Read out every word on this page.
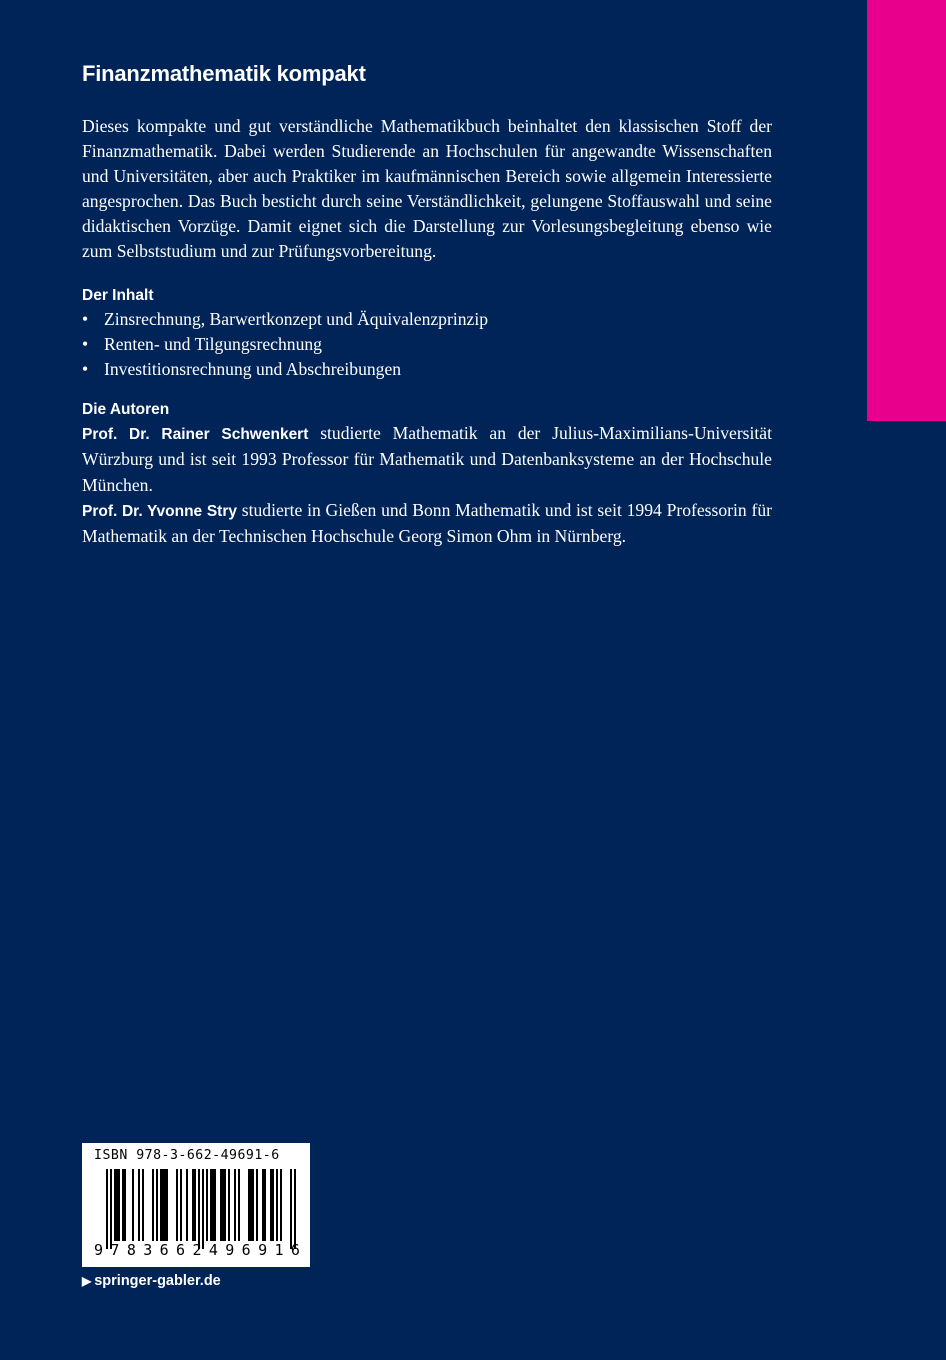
Finanzmathematik kompakt

Dieses kompakte und gut verständliche Mathematikbuch beinhaltet den klassischen Stoff der Finanzmathematik. Dabei werden Studierende an Hochschulen für angewandte Wissenschaften und Universitäten, aber auch Praktiker im kaufmännischen Bereich sowie allgemein Interessierte angesprochen. Das Buch besticht durch seine Verständlichkeit, gelungene Stoffauswahl und seine didaktischen Vorzüge. Damit eignet sich die Darstellung zur Vorlesungsbegleitung ebenso wie zum Selbststudium und zur Prüfungsvorbereitung.

Der Inhalt
• Zinsrechnung, Barwertkonzept und Äquivalenzprinzip
• Renten- und Tilgungsrechnung
• Investitionsrechnung und Abschreibungen
Die Autoren

Prof. Dr. Rainer Schwenkert studierte Mathematik an der Julius-Maximilians-Universität Würzburg und ist seit 1993 Professor für Mathematik und Datenbanksysteme an der Hochschule München.

Prof. Dr. Yvonne Stry studierte in Gießen und Bonn Mathematik und ist seit 1994 Professorin für Mathematik an der Technischen Hochschule Georg Simon Ohm in Nürnberg.

ISBN 978-3-662-49691-6
9 7 8 3 6 6 2 4 9 6 9 1 6
▶ springer-gabler.de
